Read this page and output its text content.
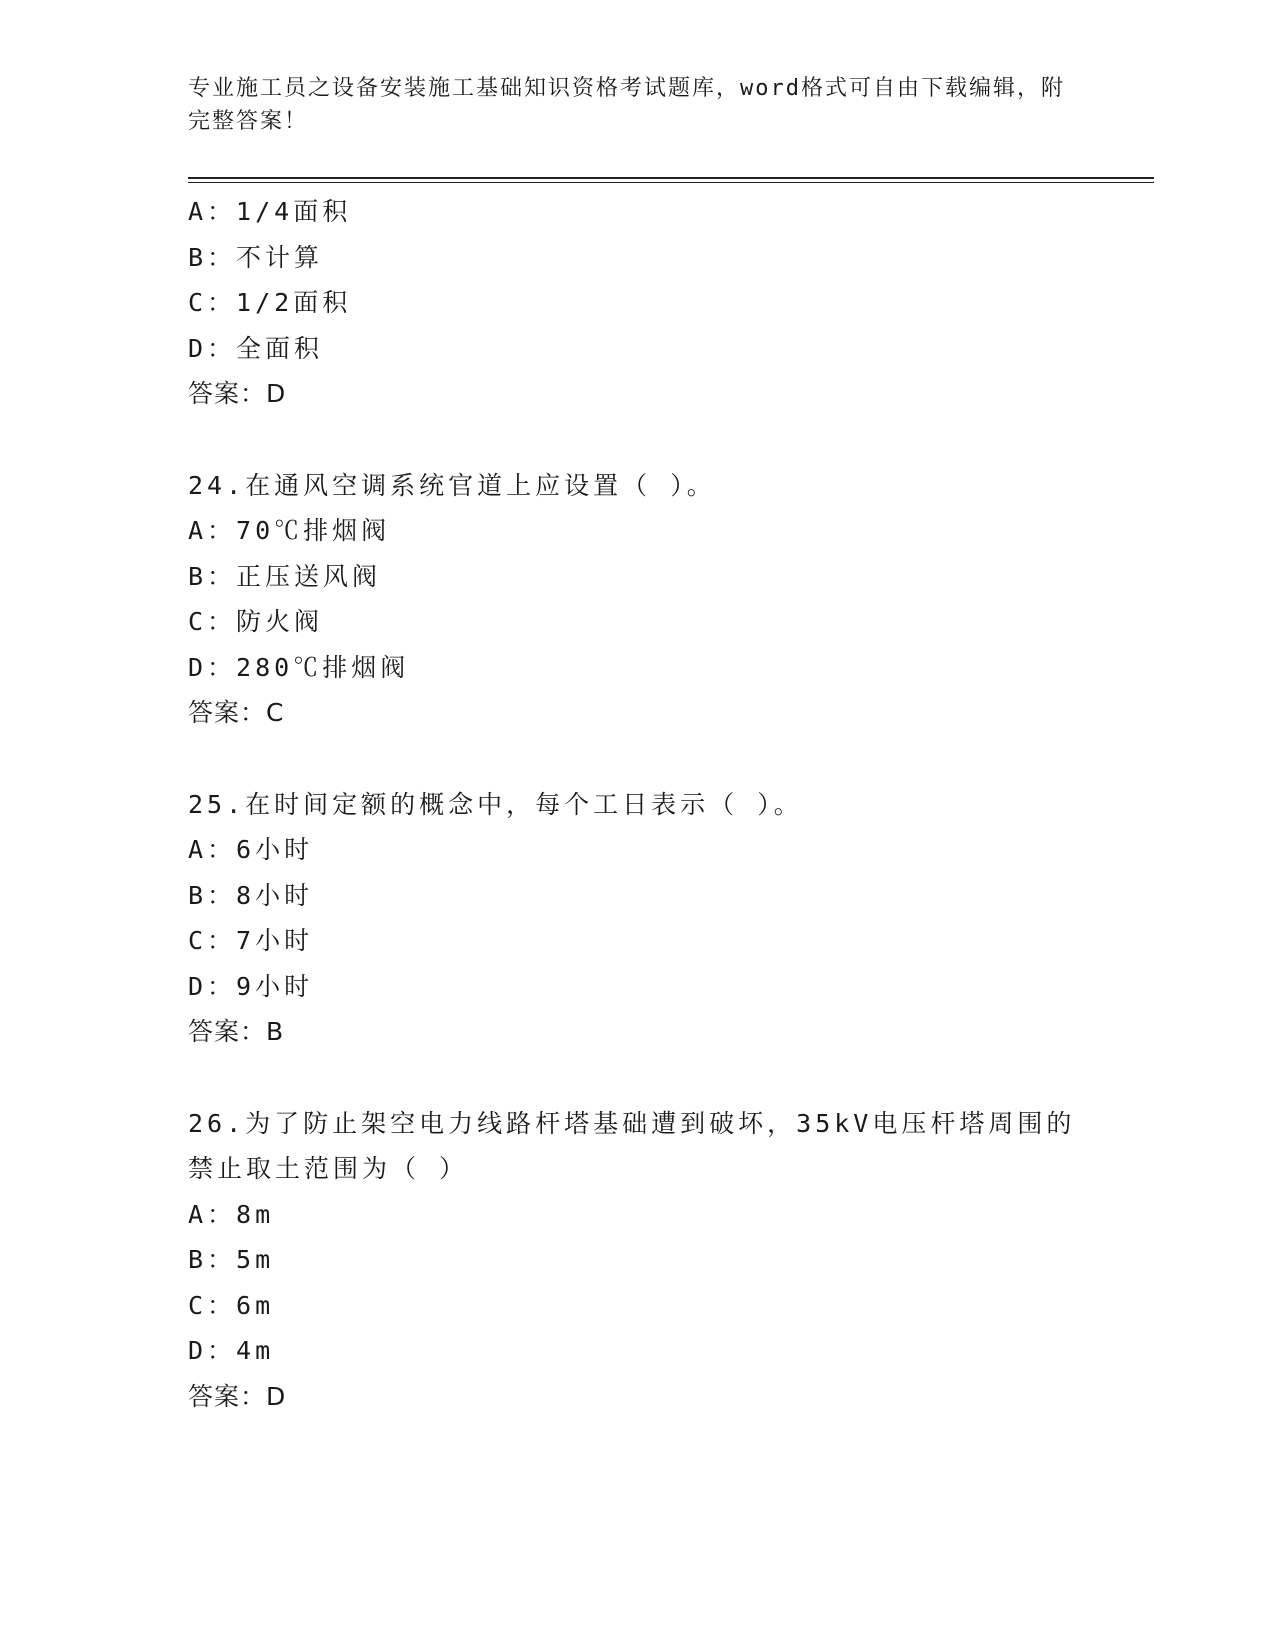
专业施工员之设备安装施工基础知识资格考试题库，word格式可自由下载编辑，附完整答案！
A：1/4面积
B：不计算
C：1/2面积
D：全面积
答案：D
24.在通风空调系统官道上应设置（ ）。
A：70℃排烟阀
B：正压送风阀
C：防火阀
D：280℃排烟阀
答案：C
25.在时间定额的概念中，每个工日表示（ ）。
A：6小时
B：8小时
C：7小时
D：9小时
答案：B
26.为了防止架空电力线路杆塔基础遭到破坏，35kV电压杆塔周围的禁止取土范围为（ ）
A：8m
B：5m
C：6m
D：4m
答案：D
